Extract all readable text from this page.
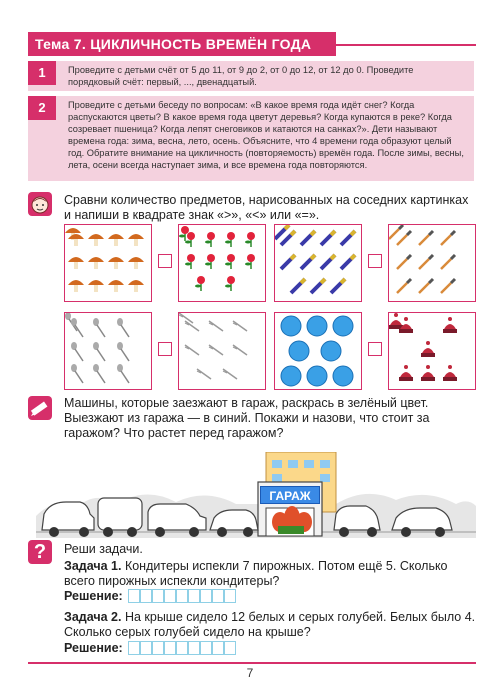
Тема 7. ЦИКЛИЧНОСТЬ ВРЕМЁН ГОДА
1	Проведите с детьми счёт от 5 до 11, от 9 до 2, от 0 до 12, от 12 до 0. Проведите порядковый счёт: первый, ..., двенадцатый.
2	Проведите с детьми беседу по вопросам: «В какое время года идёт снег? Когда распускаются цветы? В какое время года цветут деревья? Когда купаются в реке? Когда созревает пшеница? Когда лепят снеговиков и катаются на санках?». Дети называют времена года: зима, весна, лето, осень. Объясните, что 4 времени года образуют целый год. Обратите внимание на цикличность (повторяемость) времён года. После зимы, весны, лета, осени всегда наступает зима, и все времена года повторяются.
Сравни количество предметов, нарисованных на соседних картинках и напиши в квадрате знак «>», «<» или «=».
Машины, которые заезжают в гараж, раскрась в зелёный цвет. Выезжают из гаража — в синий. Покажи и назови, что стоит за гаражом? Что растет перед гаражом?
ГАРАЖ
?	Реши задачи.
Задача 1. Кондитеры испекли 7 пирожных. Потом ещё 5. Сколько всего пирожных испекли кондитеры?
Решение:
Задача 2. На крыше сидело 12 белых и серых голубей. Белых было 4. Сколько серых голубей сидело на крыше?
Решение:
7
